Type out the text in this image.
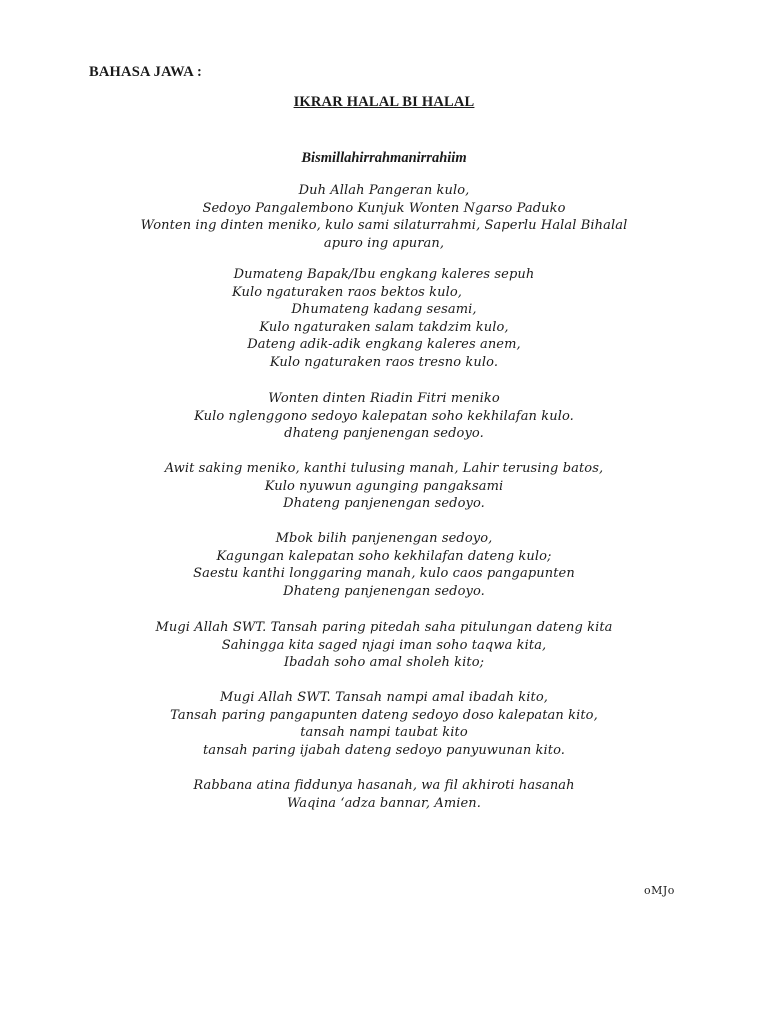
BAHASA JAWA :
IKRAR HALAL BI HALAL
Bismillahirrahmanirrahiim
Duh Allah Pangeran kulo,
Sedoyo Pangalembono Kunjuk Wonten Ngarso Paduko
Wonten ing dinten meniko, kulo sami silaturrahmi, Saperlu Halal Bihalal
apuro ing apuran,
Dumateng Bapak/Ibu engkang kaleres sepuh
Kulo ngaturaken raos bektos kulo,
Dhumateng kadang sesami,
Kulo ngaturaken salam takdzim kulo,
Dateng adik-adik engkang kaleres anem,
Kulo ngaturaken raos tresno kulo.
Wonten dinten Riadin Fitri meniko
Kulo nglenggono sedoyo kalepatan soho kekhilafan kulo.
dhateng panjenengan sedoyo.
Awit saking meniko, kanthi tulusing manah, Lahir terusing batos,
Kulo nyuwun agunging pangaksami
Dhateng panjenengan sedoyo.
Mbok bilih panjenengan sedoyo,
Kagungan kalepatan soho kekhilafan dateng kulo;
Saestu kanthi longgaring manah, kulo caos pangapunten
Dhateng panjenengan sedoyo.
Mugi Allah SWT. Tansah paring pitedah saha pitulungan dateng kita
Sahingga kita saged njagi iman soho taqwa kita,
Ibadah soho amal sholeh kito;
Mugi Allah SWT. Tansah nampi amal ibadah kito,
Tansah paring pangapunten dateng sedoyo doso kalepatan kito,
tansah nampi taubat kito
tansah paring ijabah dateng sedoyo panyuwunan kito.
Rabbana atina fiddunya hasanah, wa fil akhiroti hasanah
Waqina ‘adza bannar, Amien.
oMJo
